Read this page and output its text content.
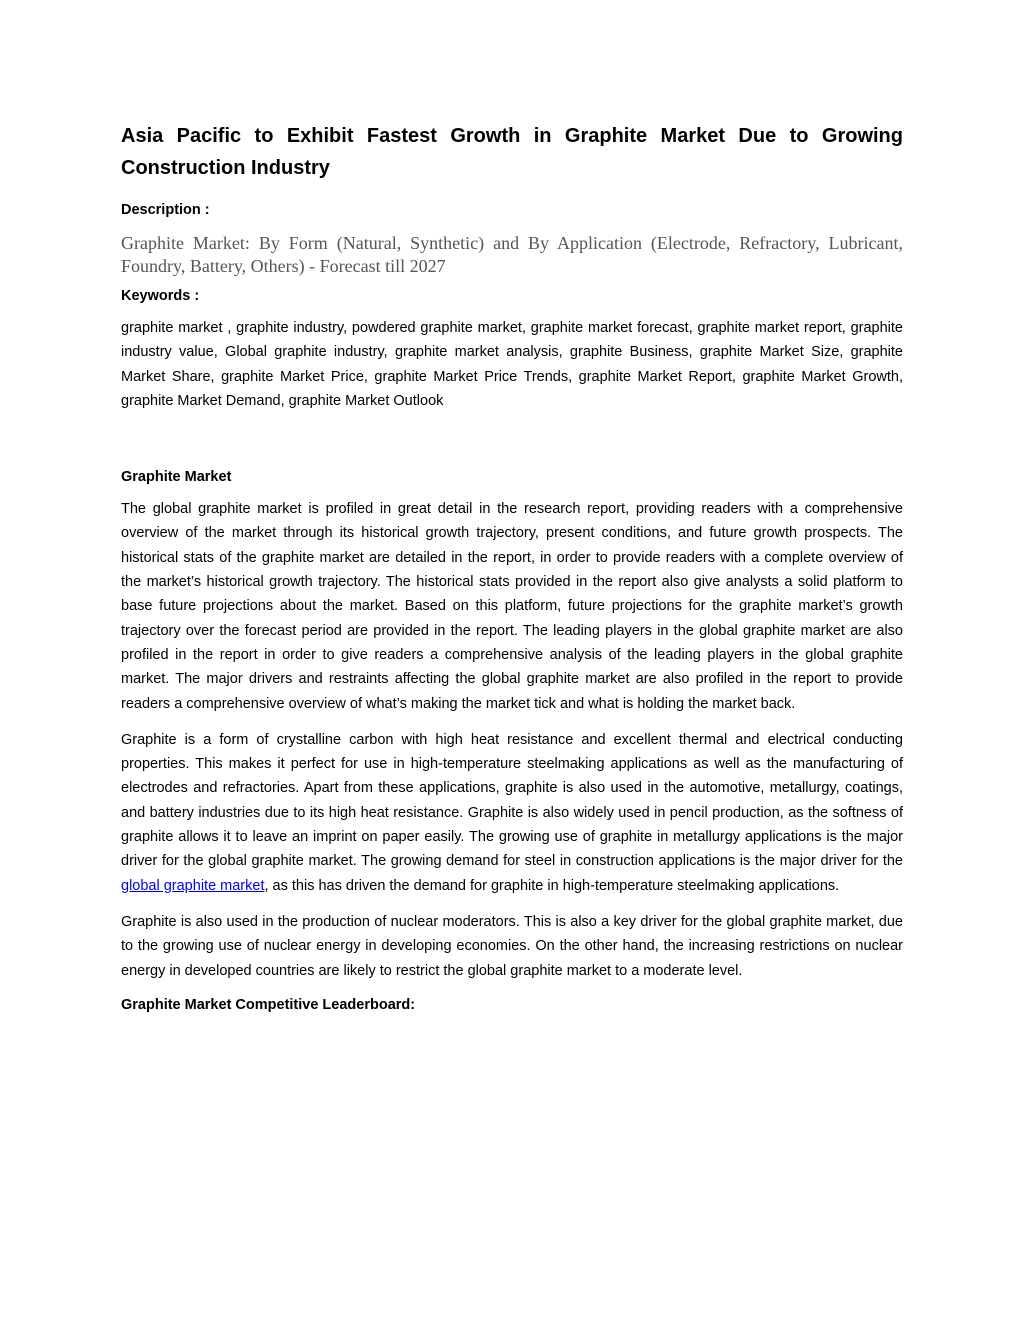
Asia Pacific to Exhibit Fastest Growth in Graphite Market Due to Growing Construction Industry

Description :

Graphite Market: By Form (Natural, Synthetic) and By Application (Electrode, Refractory, Lubricant, Foundry, Battery, Others) - Forecast till 2027

Keywords :

graphite market , graphite industry, powdered graphite market, graphite market forecast, graphite market report, graphite industry value, Global graphite industry, graphite market analysis, graphite Business, graphite Market Size, graphite Market Share, graphite Market Price, graphite Market Price Trends, graphite Market Report, graphite Market Growth, graphite Market Demand, graphite Market Outlook

Graphite Market

The global graphite market is profiled in great detail in the research report, providing readers with a comprehensive overview of the market through its historical growth trajectory, present conditions, and future growth prospects. The historical stats of the graphite market are detailed in the report, in order to provide readers with a complete overview of the market’s historical growth trajectory. The historical stats provided in the report also give analysts a solid platform to base future projections about the market. Based on this platform, future projections for the graphite market’s growth trajectory over the forecast period are provided in the report. The leading players in the global graphite market are also profiled in the report in order to give readers a comprehensive analysis of the leading players in the global graphite market. The major drivers and restraints affecting the global graphite market are also profiled in the report to provide readers a comprehensive overview of what’s making the market tick and what is holding the market back.

Graphite is a form of crystalline carbon with high heat resistance and excellent thermal and electrical conducting properties. This makes it perfect for use in high-temperature steelmaking applications as well as the manufacturing of electrodes and refractories. Apart from these applications, graphite is also used in the automotive, metallurgy, coatings, and battery industries due to its high heat resistance. Graphite is also widely used in pencil production, as the softness of graphite allows it to leave an imprint on paper easily. The growing use of graphite in metallurgy applications is the major driver for the global graphite market. The growing demand for steel in construction applications is the major driver for the global graphite market, as this has driven the demand for graphite in high-temperature steelmaking applications.

Graphite is also used in the production of nuclear moderators. This is also a key driver for the global graphite market, due to the growing use of nuclear energy in developing economies. On the other hand, the increasing restrictions on nuclear energy in developed countries are likely to restrict the global graphite market to a moderate level.

Graphite Market Competitive Leaderboard:
